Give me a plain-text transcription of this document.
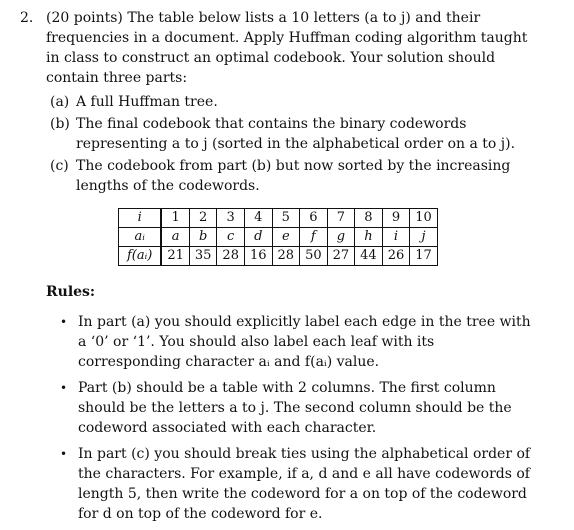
2. (20 points) The table below lists a 10 letters (a to j) and their frequencies in a document. Apply Huffman coding algorithm taught in class to construct an optimal codebook. Your solution should contain three parts:
(a) A full Huffman tree.
(b) The final codebook that contains the binary codewords representing a to j (sorted in the alphabetical order on a to j).
(c) The codebook from part (b) but now sorted by the increasing lengths of the codewords.
i	1	2	3	4	5	6	7	8	9	10
aᵢ	a	b	c	d	e	f	g	h	i	j
f(aᵢ)	21	35	28	16	28	50	27	44	26	17
Rules:
• In part (a) you should explicitly label each edge in the tree with a ‘0’ or ‘1’. You should also label each leaf with its corresponding character aᵢ and f(aᵢ) value.
• Part (b) should be a table with 2 columns. The first column should be the letters a to j. The second column should be the codeword associated with each character.
• In part (c) you should break ties using the alphabetical order of the characters. For example, if a, d and e all have codewords of length 5, then write the codeword for a on top of the codeword for d on top of the codeword for e.
